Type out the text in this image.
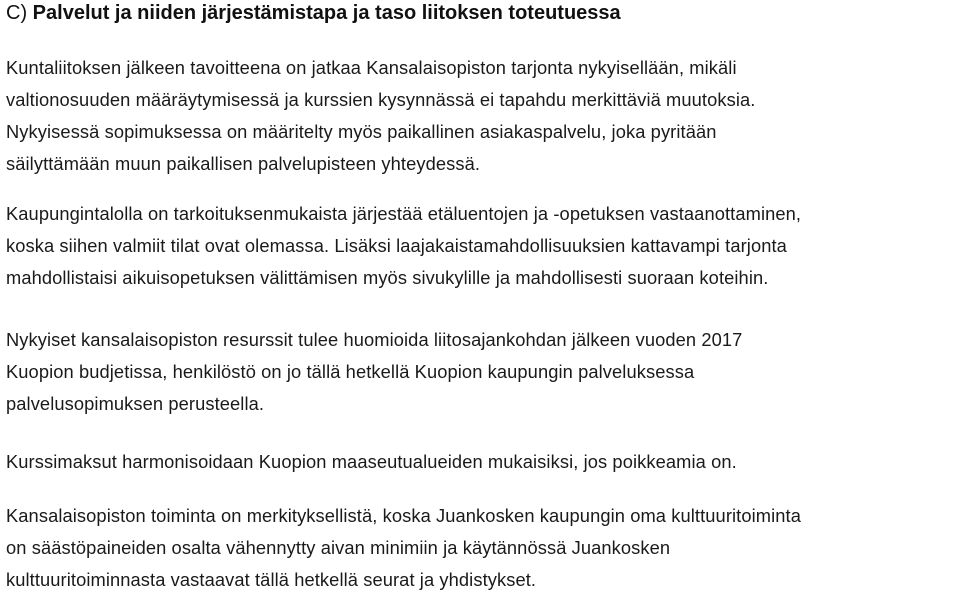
C) Palvelut ja niiden järjestämistapa ja taso liitoksen toteutuessa

Kuntaliitoksen jälkeen tavoitteena on jatkaa Kansalaisopiston tarjonta nykyisellään, mikäli
valtionosuuden määräytymisessä ja kurssien kysynnässä ei tapahdu merkittäviä muutoksia.
Nykyisessä sopimuksessa on määritelty myös paikallinen asiakaspalvelu, joka pyritään
säilyttämään muun paikallisen palvelupisteen yhteydessä.

Kaupungintalolla on tarkoituksenmukaista järjestää etäluentojen ja -opetuksen vastaanottaminen,
koska siihen valmiit tilat ovat olemassa. Lisäksi laajakaistamahdollisuuksien kattavampi tarjonta
mahdollistaisi aikuisopetuksen välittämisen myös sivukylille ja mahdollisesti suoraan koteihin.

Nykyiset kansalaisopiston resurssit tulee huomioida liitosajankohdan jälkeen vuoden 2017
Kuopion budjetissa, henkilöstö on jo tällä hetkellä Kuopion kaupungin palveluksessa
palvelusopimuksen perusteella.

Kurssimaksut harmonisoidaan Kuopion maaseutualueiden mukaisiksi, jos poikkeamia on.

Kansalaisopiston toiminta on merkityksellistä, koska Juankosken kaupungin oma kulttuuritoiminta
on säästöpaineiden osalta vähennytty aivan minimiin ja käytännössä Juankosken
kulttuuritoiminnasta vastaavat tällä hetkellä seurat ja yhdistykset.
